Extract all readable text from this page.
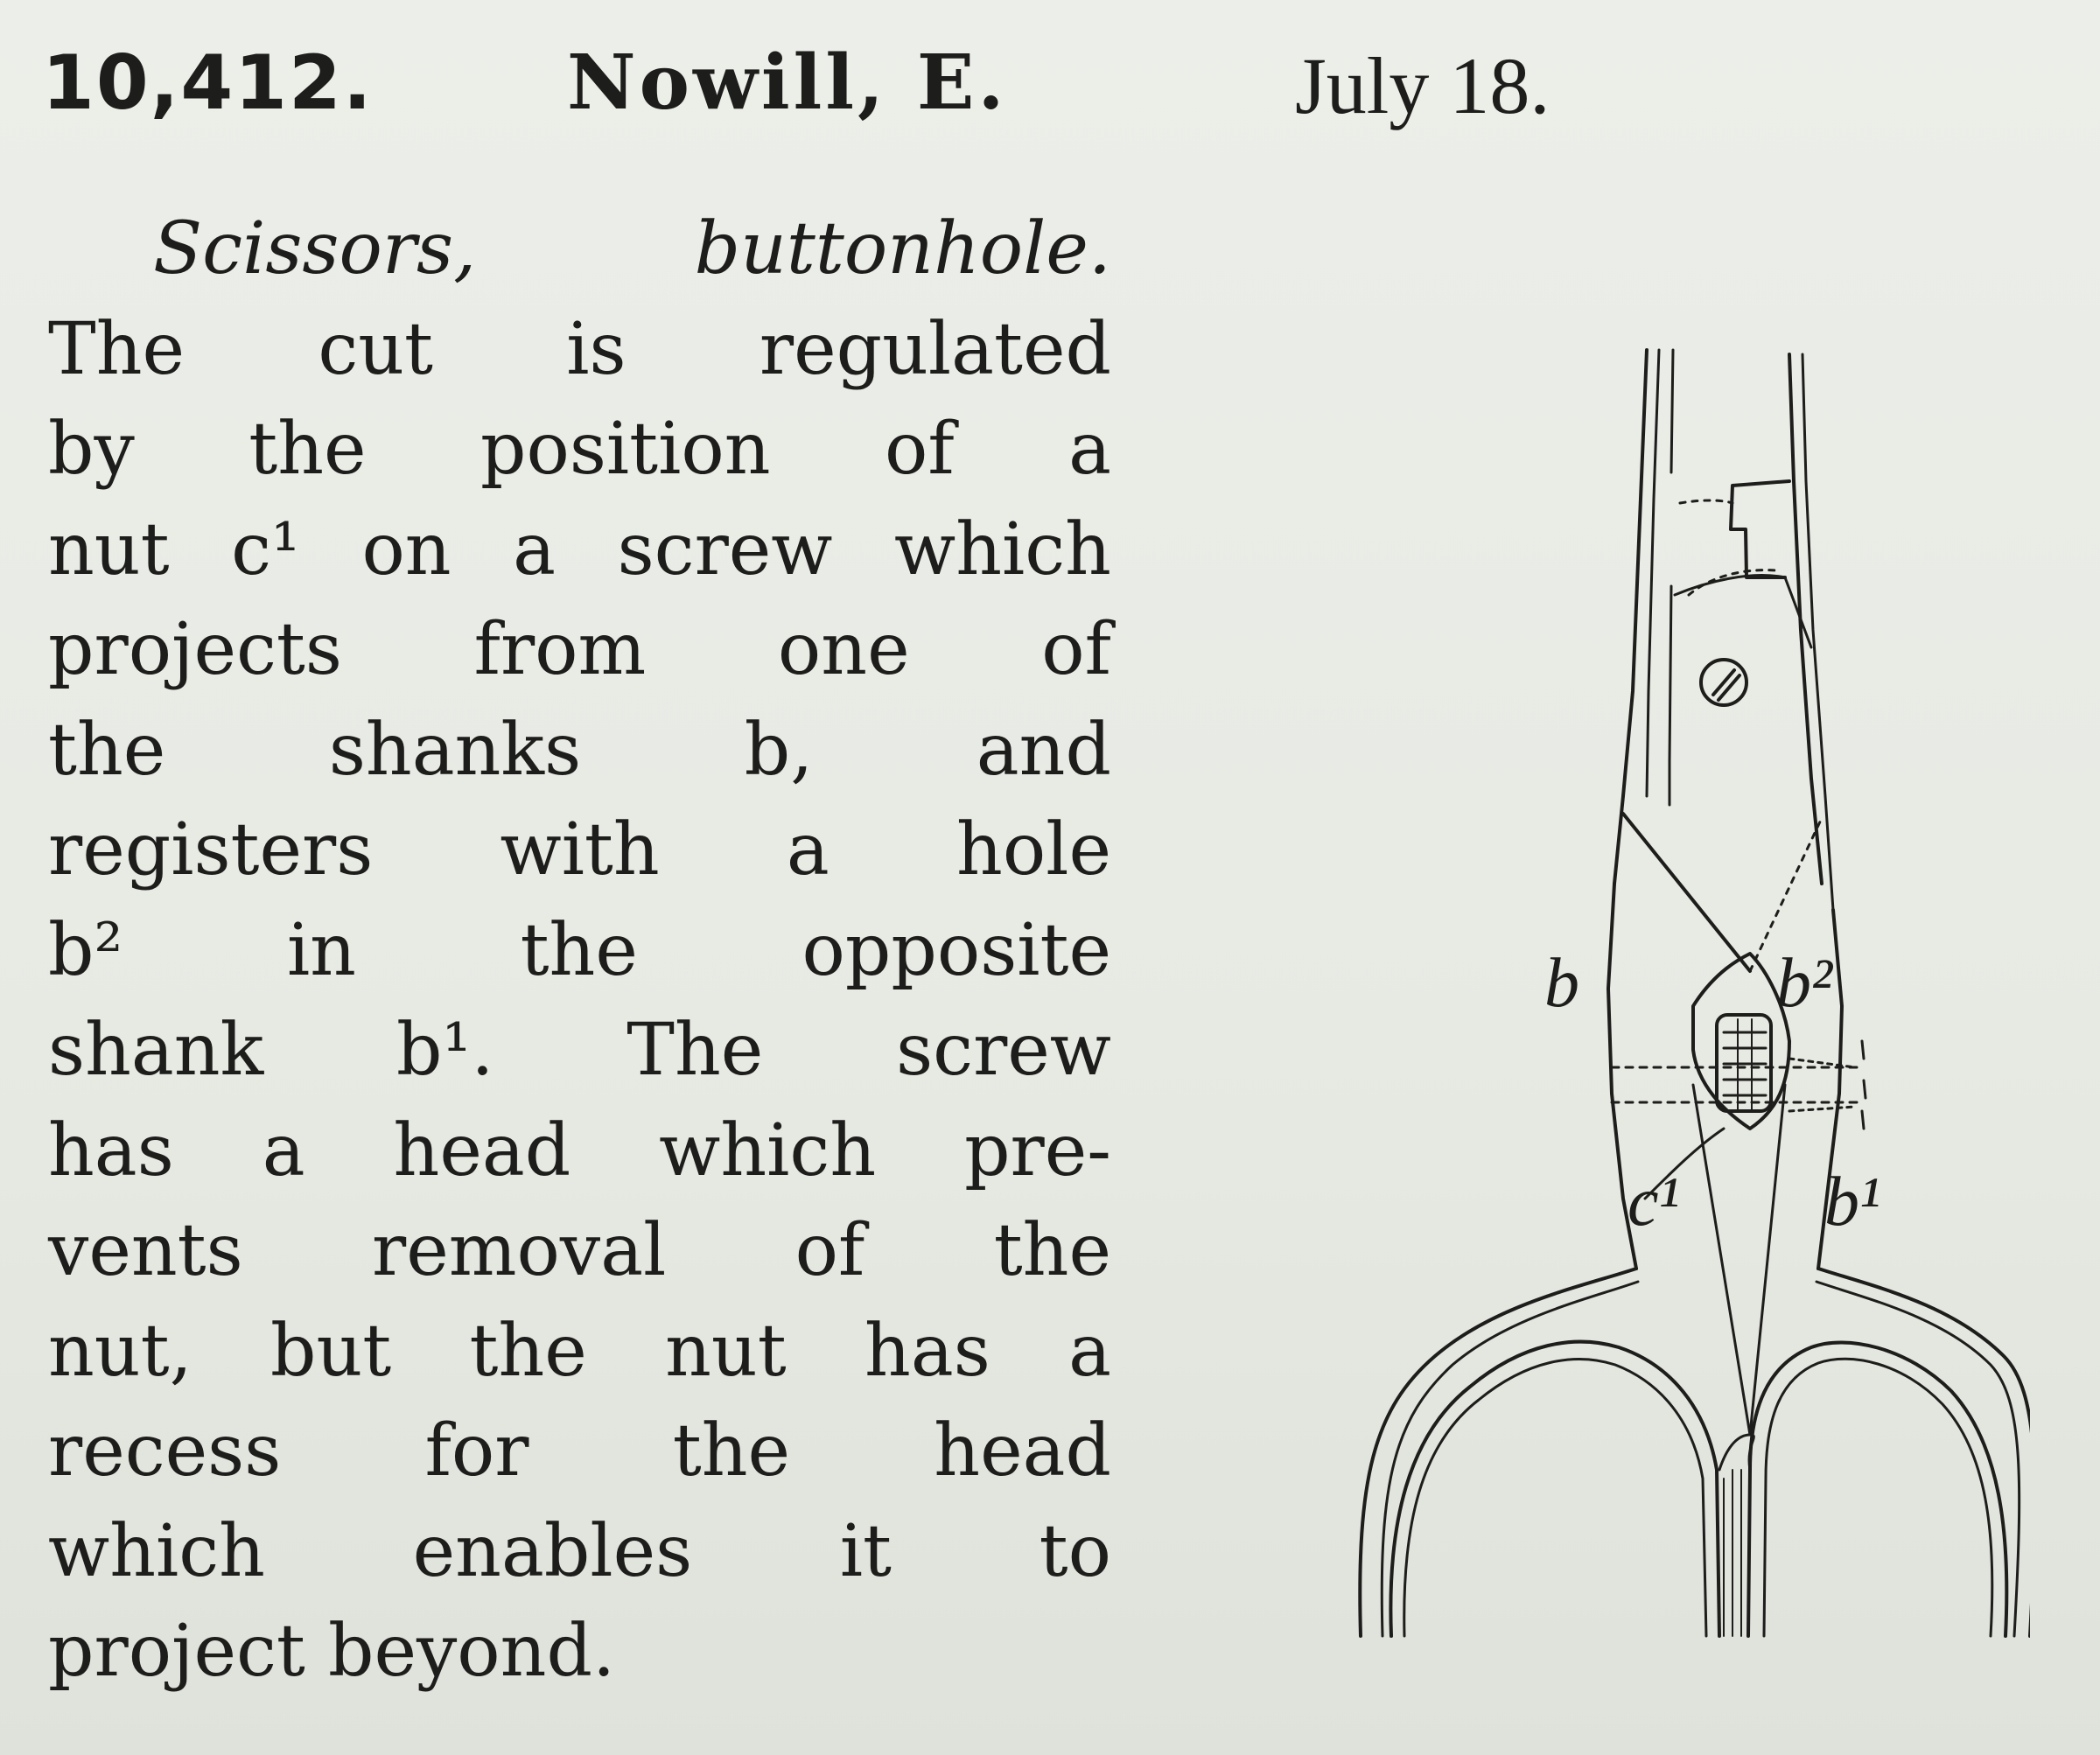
10,412.	Nowill, E.	July 18.
Scissors, buttonhole.
The cut is regulated
by the position of a
nut c¹ on a screw which
projects from one of
the shanks b, and
registers with a hole
b² in the opposite
shank b¹. The screw
has a head which pre-
vents removal of the
nut, but the nut has a
recess for the head
which enables it to
project beyond.
b	b²
c¹ b¹
